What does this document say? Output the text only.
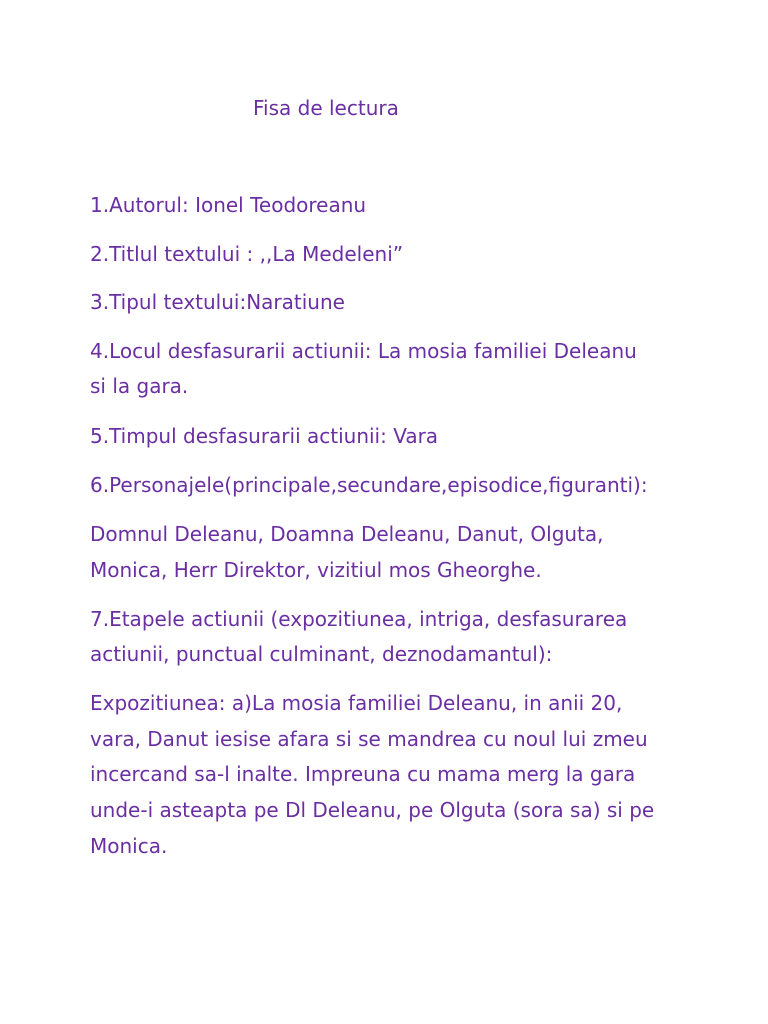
Fisa de lectura

1.Autorul: Ionel Teodoreanu

2.Titlul textului : ,,La Medeleni”

3.Tipul textului:Naratiune

4.Locul desfasurarii actiunii: La mosia familiei Deleanu

si la gara.

5.Timpul desfasurarii actiunii: Vara

6.Personajele(principale,secundare,episodice,figuranti):

Domnul Deleanu, Doamna Deleanu, Danut, Olguta,

Monica, Herr Direktor, vizitiul mos Gheorghe.

7.Etapele actiunii (expozitiunea, intriga, desfasurarea

actiunii, punctual culminant, deznodamantul):

Expozitiunea: a)La mosia familiei Deleanu, in anii 20,

vara, Danut iesise afara si se mandrea cu noul lui zmeu

incercand sa-l inalte. Impreuna cu mama merg la gara

unde-i asteapta pe Dl Deleanu, pe Olguta (sora sa) si pe

Monica.
